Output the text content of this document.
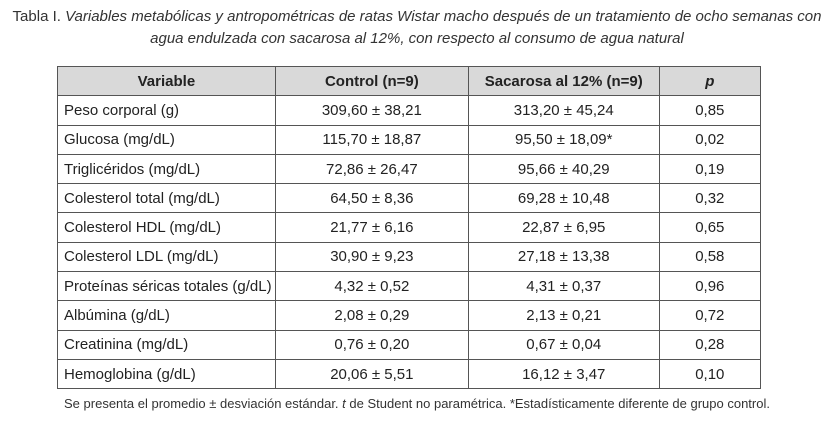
Tabla I. Variables metabólicas y antropométricas de ratas Wistar macho después de un tratamiento de ocho semanas con agua endulzada con sacarosa al 12%, con respecto al consumo de agua natural
Variable	Control (n=9)	Sacarosa al 12% (n=9)	p
Peso corporal (g)	309,60 ± 38,21	313,20 ± 45,24	0,85
Glucosa (mg/dL)	115,70 ± 18,87	95,50 ± 18,09*	0,02
Triglicéridos (mg/dL)	72,86 ± 26,47	95,66 ± 40,29	0,19
Colesterol total (mg/dL)	64,50 ± 8,36	69,28 ± 10,48	0,32
Colesterol HDL (mg/dL)	21,77 ± 6,16	22,87 ± 6,95	0,65
Colesterol LDL (mg/dL)	30,90 ± 9,23	27,18 ± 13,38	0,58
Proteínas séricas totales (g/dL)	4,32 ± 0,52	4,31 ± 0,37	0,96
Albúmina (g/dL)	2,08 ± 0,29	2,13 ± 0,21	0,72
Creatinina (mg/dL)	0,76 ± 0,20	0,67 ± 0,04	0,28
Hemoglobina (g/dL)	20,06 ± 5,51	16,12 ± 3,47	0,10
Se presenta el promedio ± desviación estándar. t de Student no paramétrica. *Estadísticamente diferente de grupo control.
